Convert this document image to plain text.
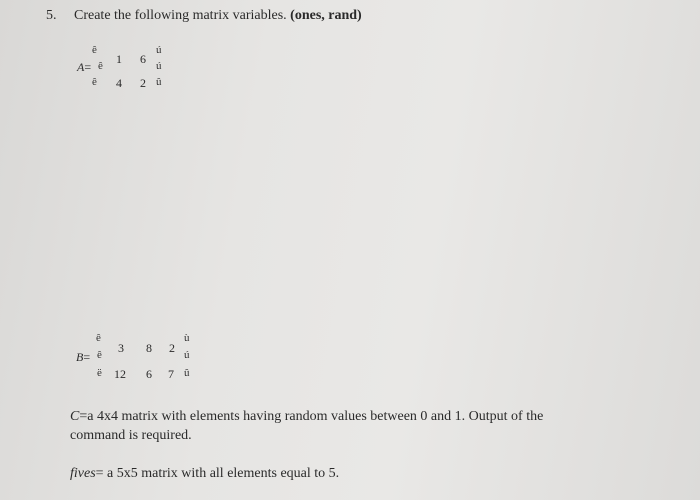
5. Create the following matrix variables. (ones, rand)
ê
A= ê
ê
1 6
4 2
ú
ú
û
ê
B= ê
ë
3 8 2
12 6 7
ù
ú
û
C=a 4x4 matrix with elements having random values between 0 and 1. Output of the
command is required.
fives= a 5x5 matrix with all elements equal to 5.
